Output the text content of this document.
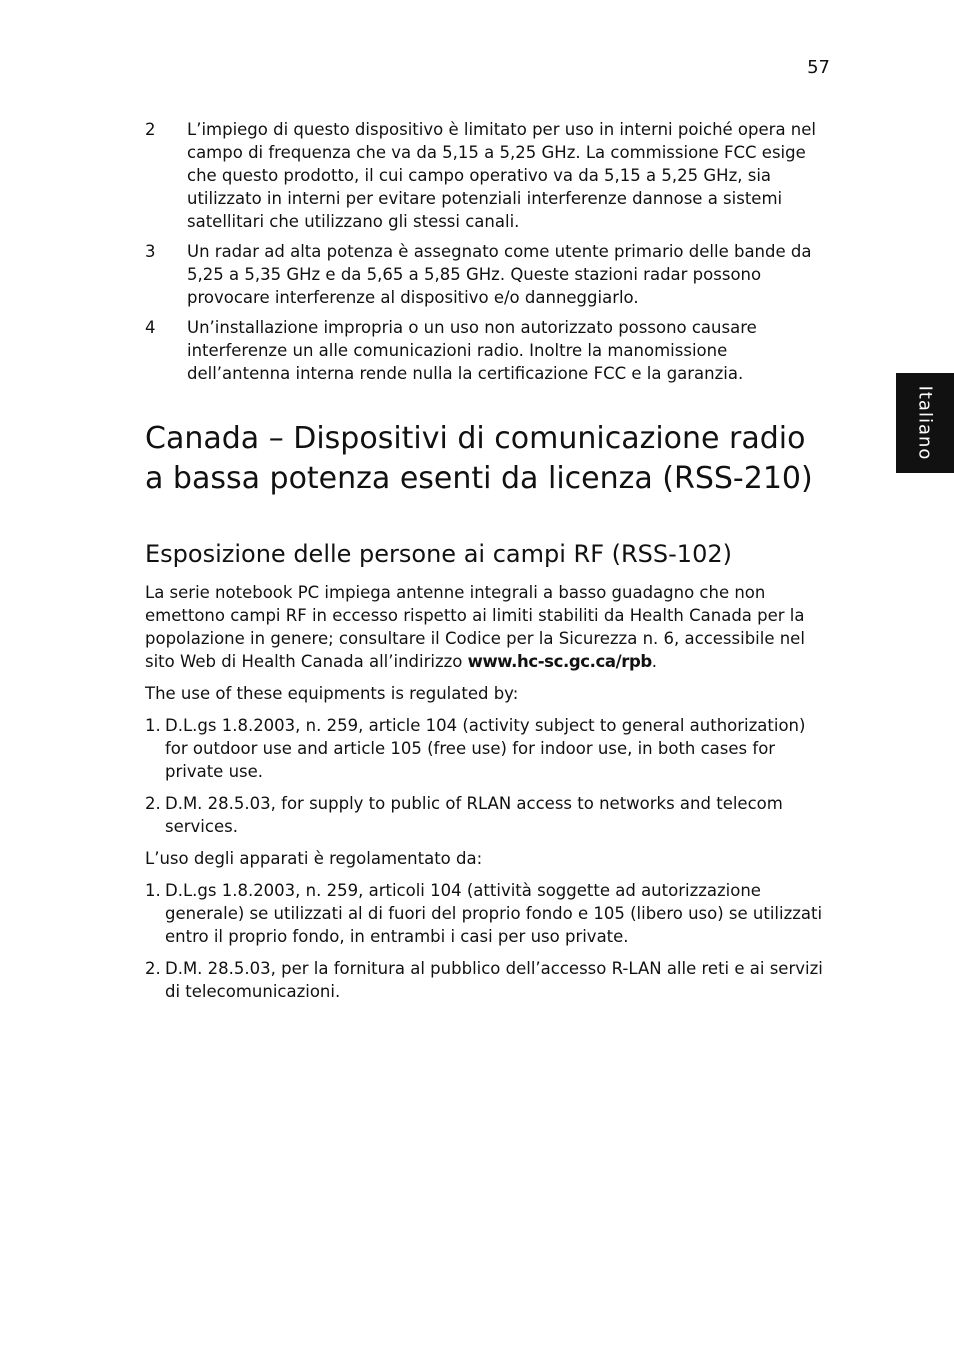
57
Italiano
2	L’impiego di questo dispositivo è limitato per uso in interni poiché opera nel campo di frequenza che va da 5,15 a 5,25 GHz. La commissione FCC esige che questo prodotto, il cui campo operativo va da 5,15 a 5,25 GHz, sia utilizzato in interni per evitare potenziali interferenze dannose a sistemi satellitari che utilizzano gli stessi canali.
3	Un radar ad alta potenza è assegnato come utente primario delle bande da 5,25 a 5,35 GHz e da 5,65 a 5,85 GHz. Queste stazioni radar possono provocare interferenze al dispositivo e/o danneggiarlo.
4	Un’installazione impropria o un uso non autorizzato possono causare interferenze un alle comunicazioni radio. Inoltre la manomissione dell’antenna interna rende nulla la certificazione FCC e la garanzia.
Canada – Dispositivi di comunicazione radio a bassa potenza esenti da licenza (RSS-210)
Esposizione delle persone ai campi RF (RSS-102)

La serie notebook PC impiega antenne integrali a basso guadagno che non emettono campi RF in eccesso rispetto ai limiti stabiliti da Health Canada per la popolazione in genere; consultare il Codice per la Sicurezza n. 6, accessibile nel sito Web di Health Canada all’indirizzo www.hc-sc.gc.ca/rpb.

The use of these equipments is regulated by:

1. D.L.gs 1.8.2003, n. 259, article 104 (activity subject to general authorization) for outdoor use and article 105 (free use) for indoor use, in both cases for private use.
2. D.M. 28.5.03, for supply to public of RLAN access to networks and telecom services.

L’uso degli apparati è regolamentato da:

1. D.L.gs 1.8.2003, n. 259, articoli 104 (attività soggette ad autorizzazione generale) se utilizzati al di fuori del proprio fondo e 105 (libero uso) se utilizzati entro il proprio fondo, in entrambi i casi per uso private.
2. D.M. 28.5.03, per la fornitura al pubblico dell’accesso R-LAN alle reti e ai servizi di telecomunicazioni.
